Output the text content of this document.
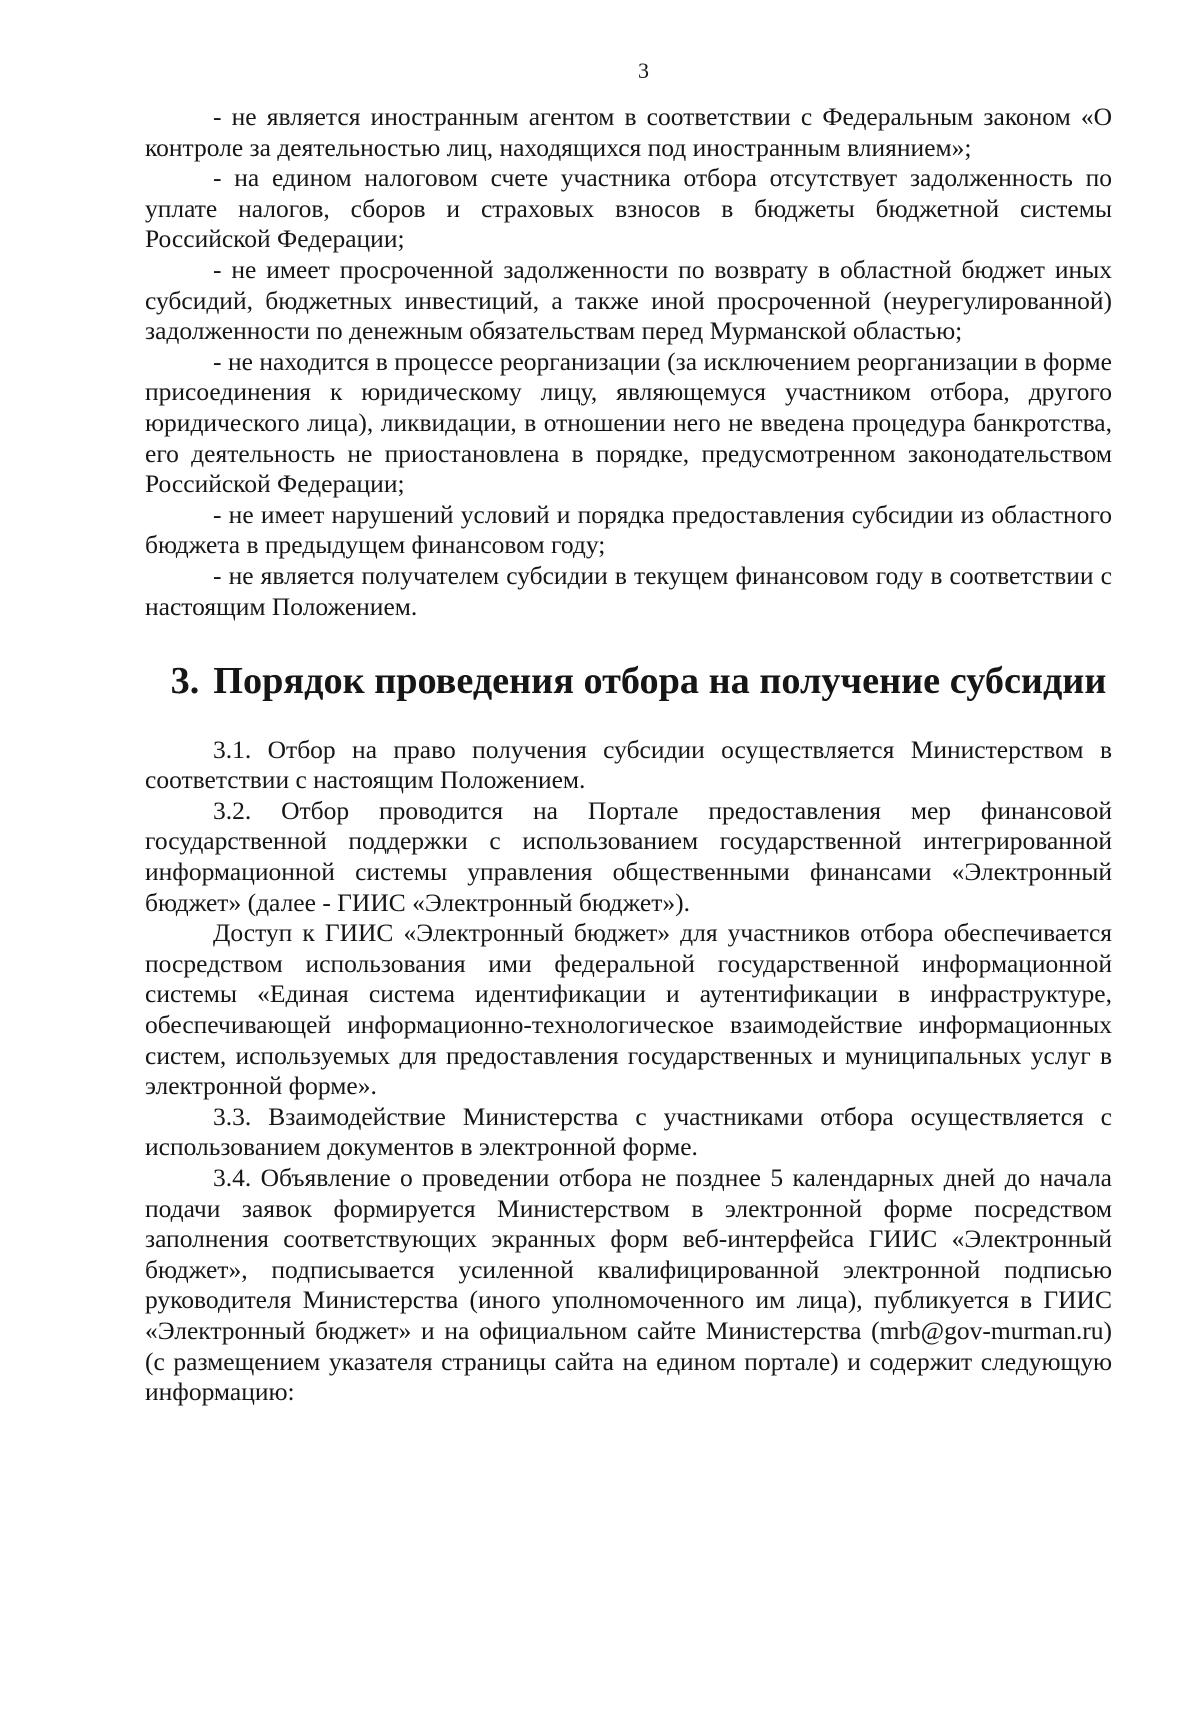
3

- не является иностранным агентом в соответствии с Федеральным законом «О контроле за деятельностью лиц, находящихся под иностранным влиянием»;

- на едином налоговом счете участника отбора отсутствует задолженность по уплате налогов, сборов и страховых взносов в бюджеты бюджетной системы Российской Федерации;

- не имеет просроченной задолженности по возврату в областной бюджет иных субсидий, бюджетных инвестиций, а также иной просроченной (неурегулированной) задолженности по денежным обязательствам перед Мурманской областью;

- не находится в процессе реорганизации (за исключением реорганизации в форме присоединения к юридическому лицу, являющемуся участником отбора, другого юридического лица), ликвидации, в отношении него не введена процедура банкротства, его деятельность не приостановлена в порядке, предусмотренном законодательством Российской Федерации;

- не имеет нарушений условий и порядка предоставления субсидии из областного бюджета в предыдущем финансовом году;

- не является получателем субсидии в текущем финансовом году в соответствии с настоящим Положением.

3. Порядок проведения отбора на получение субсидии

3.1. Отбор на право получения субсидии осуществляется Министерством в соответствии с настоящим Положением.

3.2. Отбор проводится на Портале предоставления мер финансовой государственной поддержки с использованием государственной интегрированной информационной системы управления общественными финансами «Электронный бюджет» (далее - ГИИС «Электронный бюджет»).

Доступ к ГИИС «Электронный бюджет» для участников отбора обеспечивается посредством использования ими федеральной государственной информационной системы «Единая система идентификации и аутентификации в инфраструктуре, обеспечивающей информационно-технологическое взаимодействие информационных систем, используемых для предоставления государственных и муниципальных услуг в электронной форме».

3.3. Взаимодействие Министерства с участниками отбора осуществляется с использованием документов в электронной форме.

3.4. Объявление о проведении отбора не позднее 5 календарных дней до начала подачи заявок формируется Министерством в электронной форме посредством заполнения соответствующих экранных форм веб-интерфейса ГИИС «Электронный бюджет», подписывается усиленной квалифицированной электронной подписью руководителя Министерства (иного уполномоченного им лица), публикуется в ГИИС «Электронный бюджет» и на официальном сайте Министерства (mrb@gov-murman.ru) (с размещением указателя страницы сайта на едином портале) и содержит следующую информацию:
